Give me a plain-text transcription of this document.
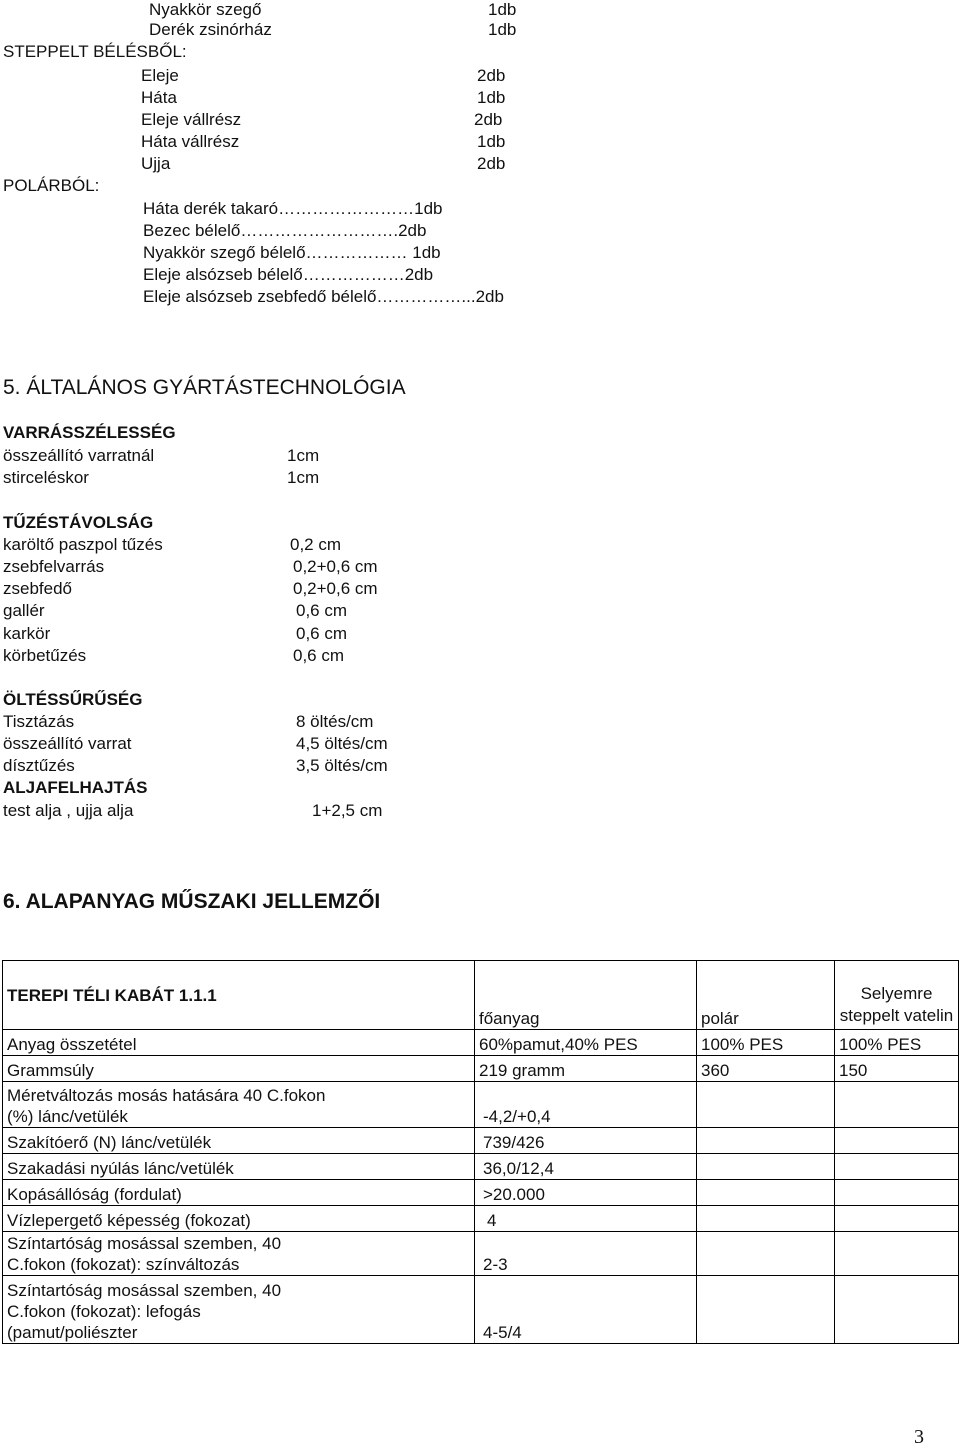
Nyakkör szegő	1db
Derék zsinórház	1db
STEPPELT BÉLÉSBŐL:
Eleje	2db
Háta	1db
Eleje vállrész	2db
Háta vállrész	1db
Ujja	2db
POLÁRBÓL:
Háta derék takaró……………………1db
Bezec bélelő……………………….2db
Nyakkör szegő bélelő……………… 1db
Eleje alsózseb bélelő………………2db
Eleje alsózseb zsebfedő bélelő……………...2db
5. ÁLTALÁNOS GYÁRTÁSTECHNOLÓGIA
VARRÁSSZÉLESSÉG
összeállító varratnál	1cm
stirceléskor	1cm
TŰZÉSTÁVOLSÁG
karöltő paszpol tűzés	0,2 cm
zsebfelvarrás	0,2+0,6 cm
zsebfedő	0,2+0,6 cm
gallér	0,6 cm
karkör	0,6 cm
körbetűzés	0,6 cm
ÖLTÉSSŰRŰSÉG
Tisztázás	8 öltés/cm
összeállító varrat	4,5 öltés/cm
dísztűzés	3,5 öltés/cm
ALJAFELHAJTÁS
test alja , ujja alja	1+2,5 cm
6. ALAPANYAG MŰSZAKI JELLEMZŐI
TEREPI TÉLI KABÁT 1.1.1	főanyag	polár	Selyemre steppelt vatelin
Anyag összetétel	60%pamut,40% PES	100% PES	100% PES
Grammsúly	219 gramm	360	150
Méretváltozás mosás hatására 40 C.fokon (%) lánc/vetülék	-4,2/+0,4		
Szakítóerő (N) lánc/vetülék	739/426		
Szakadási nyúlás lánc/vetülék	36,0/12,4		
Kopásállóság (fordulat)	>20.000		
Vízlepergető képesség (fokozat)	4		
Színtartóság mosással szemben, 40 C.fokon (fokozat): színváltozás	2-3		
Színtartóság mosással szemben, 40 C.fokon (fokozat): lefogás (pamut/poliészter	4-5/4		
3
